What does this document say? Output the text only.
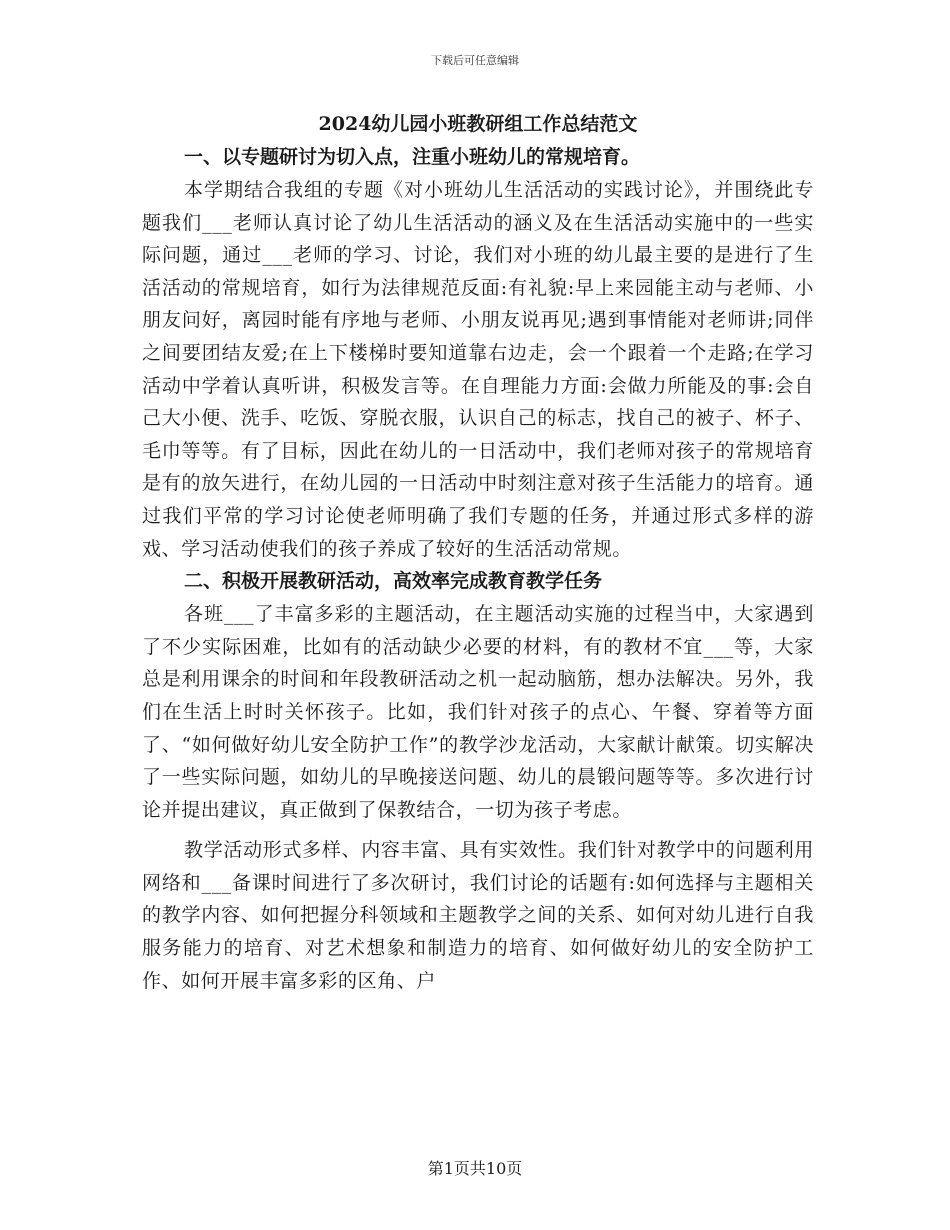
下载后可任意编辑
2024幼儿园小班教研组工作总结范文
一、以专题研讨为切入点，注重小班幼儿的常规培育。

本学期结合我组的专题《对小班幼儿生活活动的实践讨论》，并围绕此专题我们___老师认真讨论了幼儿生活活动的涵义及在生活活动实施中的一些实际问题，通过___老师的学习、讨论，我们对小班的幼儿最主要的是进行了生活活动的常规培育，如行为法律规范反面:有礼貌:早上来园能主动与老师、小朋友问好，离园时能有序地与老师、小朋友说再见;遇到事情能对老师讲;同伴之间要团结友爱;在上下楼梯时要知道靠右边走，会一个跟着一个走路;在学习活动中学着认真听讲，积极发言等。在自理能力方面:会做力所能及的事:会自己大小便、洗手、吃饭、穿脱衣服，认识自己的标志，找自己的被子、杯子、毛巾等等。有了目标，因此在幼儿的一日活动中，我们老师对孩子的常规培育是有的放矢进行，在幼儿园的一日活动中时刻注意对孩子生活能力的培育。通过我们平常的学习讨论使老师明确了我们专题的任务，并通过形式多样的游戏、学习活动使我们的孩子养成了较好的生活活动常规。

二、积极开展教研活动，高效率完成教育教学任务

各班___了丰富多彩的主题活动，在主题活动实施的过程当中，大家遇到了不少实际困难，比如有的活动缺少必要的材料，有的教材不宜___等，大家总是利用课余的时间和年段教研活动之机一起动脑筋，想办法解决。另外，我们在生活上时时关怀孩子。比如，我们针对孩子的点心、午餐、穿着等方面了、“如何做好幼儿安全防护工作”的教学沙龙活动，大家献计献策。切实解决了一些实际问题，如幼儿的早晚接送问题、幼儿的晨锻问题等等。多次进行讨论并提出建议，真正做到了保教结合，一切为孩子考虑。

教学活动形式多样、内容丰富、具有实效性。我们针对教学中的问题利用网络和___备课时间进行了多次研讨，我们讨论的话题有:如何选择与主题相关的教学内容、如何把握分科领域和主题教学之间的关系、如何对幼儿进行自我服务能力的培育、对艺术想象和制造力的培育、如何做好幼儿的安全防护工作、如何开展丰富多彩的区角、户

第1页共10页
